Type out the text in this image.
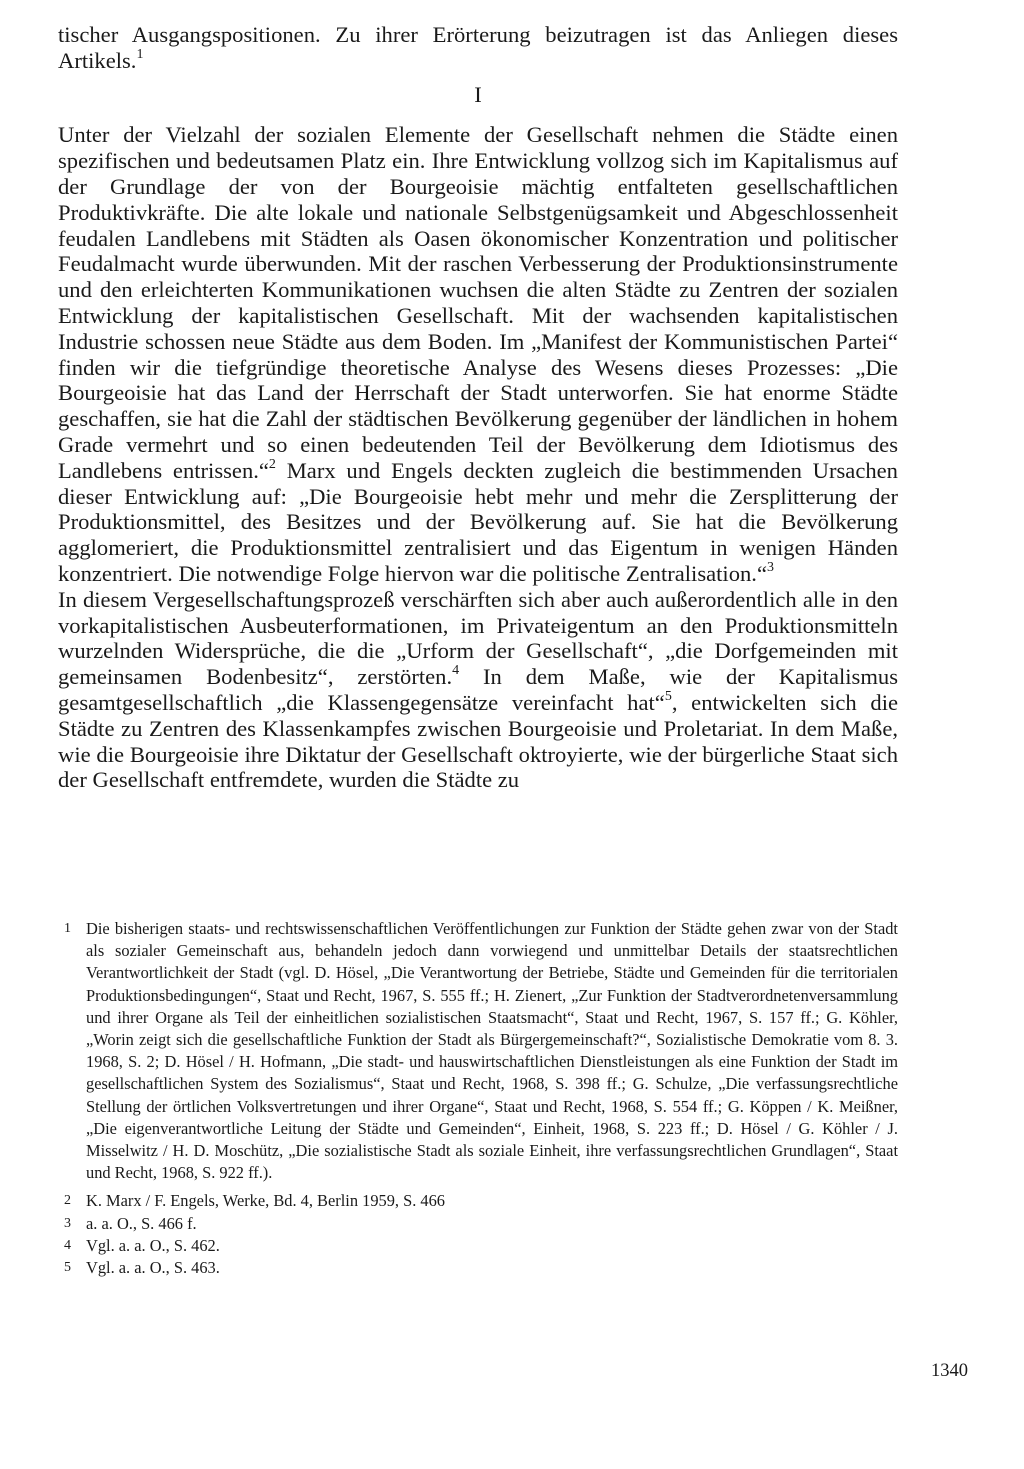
tischer Ausgangspositionen. Zu ihrer Erörterung beizutragen ist das Anliegen dieses Artikels.$^1$

I

Unter der Vielzahl der sozialen Elemente der Gesellschaft nehmen die Städte einen spezifischen und bedeutsamen Platz ein. Ihre Entwicklung vollzog sich im Kapitalismus auf der Grundlage der von der Bourgeoisie mächtig entfalteten gesellschaftlichen Produktivkräfte. Die alte lokale und nationale Selbstgenügsamkeit und Abgeschlossenheit feudalen Landlebens mit Städten als Oasen ökonomischer Konzentration und politischer Feudalmacht wurde überwunden. Mit der raschen Verbesserung der Produktionsinstrumente und den erleichterten Kommunikationen wuchsen die alten Städte zu Zentren der sozialen Entwicklung der kapitalistischen Gesellschaft. Mit der wachsenden kapitalistischen Industrie schossen neue Städte aus dem Boden. Im „Manifest der Kommunistischen Partei“ finden wir die tiefgründige theoretische Analyse des Wesens dieses Prozesses: „Die Bourgeoisie hat das Land der Herrschaft der Stadt unterworfen. Sie hat enorme Städte geschaffen, sie hat die Zahl der städtischen Bevölkerung gegenüber der ländlichen in hohem Grade vermehrt und so einen bedeutenden Teil der Bevölkerung dem Idiotismus des Landlebens entrissen.“$^2$ Marx und Engels deckten zugleich die bestimmenden Ursachen dieser Entwicklung auf: „Die Bourgeoisie hebt mehr und mehr die Zersplitterung der Produktionsmittel, des Besitzes und der Bevölkerung auf. Sie hat die Bevölkerung agglomeriert, die Produktionsmittel zentralisiert und das Eigentum in wenigen Händen konzentriert. Die notwendige Folge hiervon war die politische Zentralisation.“$^3$

In diesem Vergesellschaftungsprozeß verschärften sich aber auch außerordentlich alle in den vorkapitalistischen Ausbeuterformationen, im Privateigentum an den Produktionsmitteln wurzelnden Widersprüche, die die „Urform der Gesellschaft“, „die Dorfgemeinden mit gemeinsamen Bodenbesitz“, zerstörten.$^4$ In dem Maße, wie der Kapitalismus gesamtgesellschaftlich „die Klassengegensätze vereinfacht hat“$^5$, entwickelten sich die Städte zu Zentren des Klassenkampfes zwischen Bourgeoisie und Proletariat. In dem Maße, wie die Bourgeoisie ihre Diktatur der Gesellschaft oktroyierte, wie der bürgerliche Staat sich der Gesellschaft entfremdete, wurden die Städte zu

1 Die bisherigen staats- und rechtswissenschaftlichen Veröffentlichungen zur Funktion der Städte gehen zwar von der Stadt als sozialer Gemeinschaft aus, behandeln jedoch dann vorwiegend und unmittelbar Details der staatsrechtlichen Verantwortlichkeit der Stadt (vgl. D. Hösel, „Die Verantwortung der Betriebe, Städte und Gemeinden für die territorialen Produktionsbedingungen“, Staat und Recht, 1967, S. 555 ff.; H. Zienert, „Zur Funktion der Stadtverordnetenversammlung und ihrer Organe als Teil der einheitlichen sozialistischen Staatsmacht“, Staat und Recht, 1967, S. 157 ff.; G. Köhler, „Worin zeigt sich die gesellschaftliche Funktion der Stadt als Bürgergemeinschaft?“, Sozialistische Demokratie vom 8. 3. 1968, S. 2; D. Hösel / H. Hofmann, „Die stadt- und hauswirtschaftlichen Dienstleistungen als eine Funktion der Stadt im gesellschaftlichen System des Sozialismus“, Staat und Recht, 1968, S. 398 ff.; G. Schulze, „Die verfassungsrechtliche Stellung der örtlichen Volksvertretungen und ihrer Organe“, Staat und Recht, 1968, S. 554 ff.; G. Köppen / K. Meißner, „Die eigenverantwortliche Leitung der Städte und Gemeinden“, Einheit, 1968, S. 223 ff.; D. Hösel / G. Köhler / J. Misselwitz / H. D. Moschütz, „Die sozialistische Stadt als soziale Einheit, ihre verfassungsrechtlichen Grundlagen“, Staat und Recht, 1968, S. 922 ff.).
2 K. Marx / F. Engels, Werke, Bd. 4, Berlin 1959, S. 466
3 a. a. O., S. 466 f.
4 Vgl. a. a. O., S. 462.
5 Vgl. a. a. O., S. 463.
1340
